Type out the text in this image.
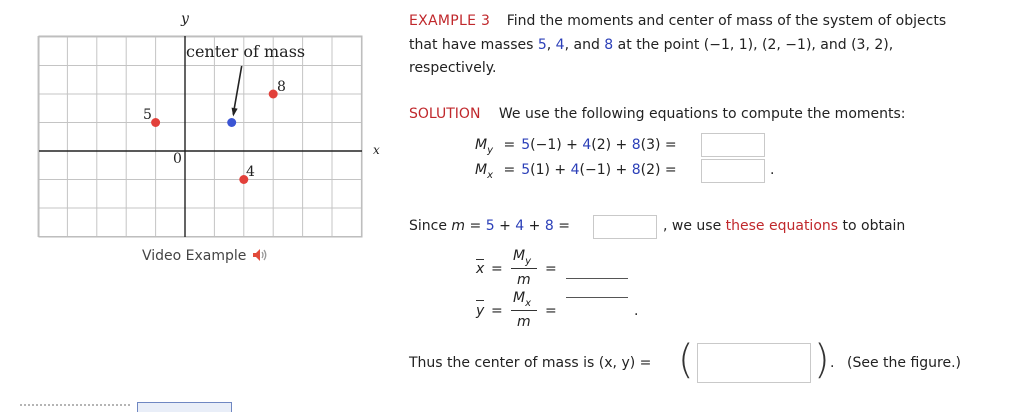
y
x
0
center of mass
5
4
8
Video Example
EXAMPLE 3 Find the moments and center of mass of the system of objects
that have masses 5, 4, and 8 at the point (−1, 1), (2, −1), and (3, 2),
respectively.
SOLUTION We use the following equations to compute the moments:
$M_y = 5(-1) + 4(2) + 8(3)$ =
$M_x = 5(1) + 4(-1) + 8(2)$ =	.
Since m = 5 + 4 + 8 =	, we use these equations to obtain
x =
$M_y$
m
=
y =
$M_x$
m
=	.
Thus the center of mass is (x, y) = (	) . (See the figure.)
